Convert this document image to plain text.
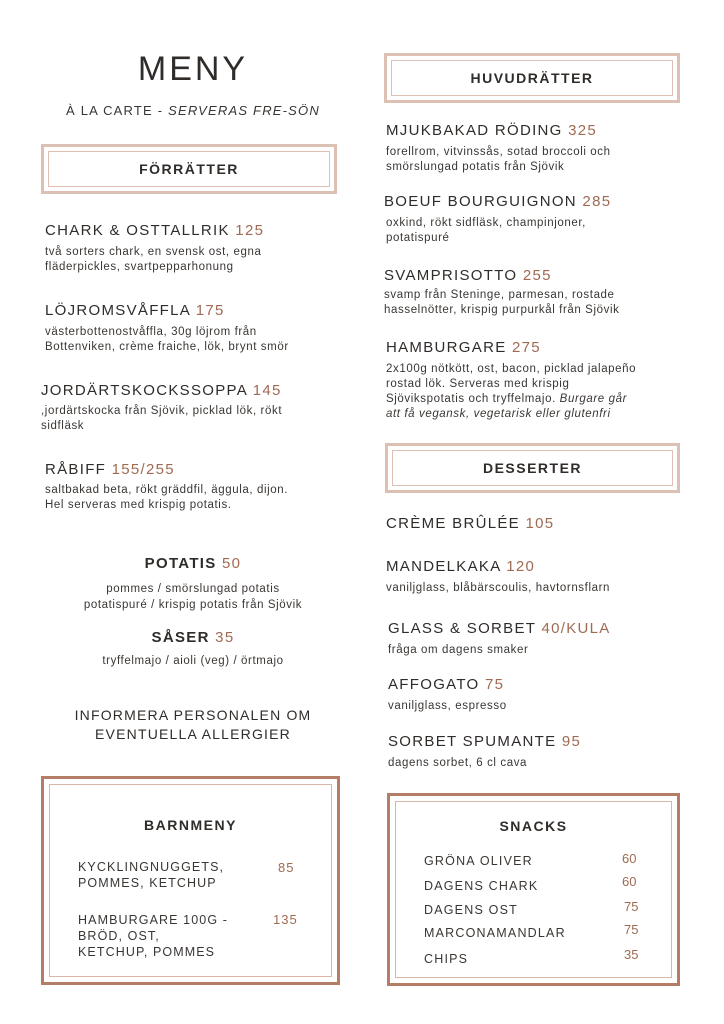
MENY
À LA CARTE - SERVERAS FRE-SÖN
FÖRRÄTTER
CHARK & OSTTALLRIK 125
två sorters chark, en svensk ost, egna
fläderpickles, svartpepparhonung
LÖJROMSVÅFFLA 175
västerbottenostvåffla, 30g löjrom från
Bottenviken, crème fraiche, lök, brynt smör
JORDÄRTSKOCKSSOPPA 145
,jordärtskocka från Sjövik, picklad lök, rökt
sidfläsk
RÅBIFF 155/255
saltbakad beta, rökt gräddfil, äggula, dijon.
Hel serveras med krispig potatis.
POTATIS 50
pommes / smörslungad potatis
potatispuré / krispig potatis från Sjövik
SÅSER 35
tryffelmajo / aioli (veg) / örtmajo
INFORMERA PERSONALEN OM
EVENTUELLA ALLERGIER
BARNMENY
KYCKLINGNUGGETS,
POMMES, KETCHUP
85
HAMBURGARE 100G -
BRÖD, OST,
KETCHUP, POMMES
135
HUVUDRÄTTER
MJUKBAKAD RÖDING 325
forellrom, vitvinssås, sotad broccoli och
smörslungad potatis från Sjövik
BOEUF BOURGUIGNON 285
oxkind, rökt sidfläsk, champinjoner,
potatispuré
SVAMPRISOTTO 255
svamp från Steninge, parmesan, rostade
hasselnötter, krispig purpurkål från Sjövik
HAMBURGARE 275
2x100g nötkött, ost, bacon, picklad jalapeño
rostad lök. Serveras med krispig
Sjövikspotatis och tryffelmajo. Burgare går
att få vegansk, vegetarisk eller glutenfri
DESSERTER
CRÈME BRÛLÉE 105
MANDELKAKA 120
vaniljglass, blåbärscoulis, havtornsflarn
GLASS & SORBET 40/KULA
fråga om dagens smaker
AFFOGATO 75
vaniljglass, espresso
SORBET SPUMANTE 95
dagens sorbet, 6 cl cava
SNACKS
GRÖNA OLIVER	60
DAGENS CHARK	60
DAGENS OST	75
MARCONAMANDLAR	75
CHIPS	35
